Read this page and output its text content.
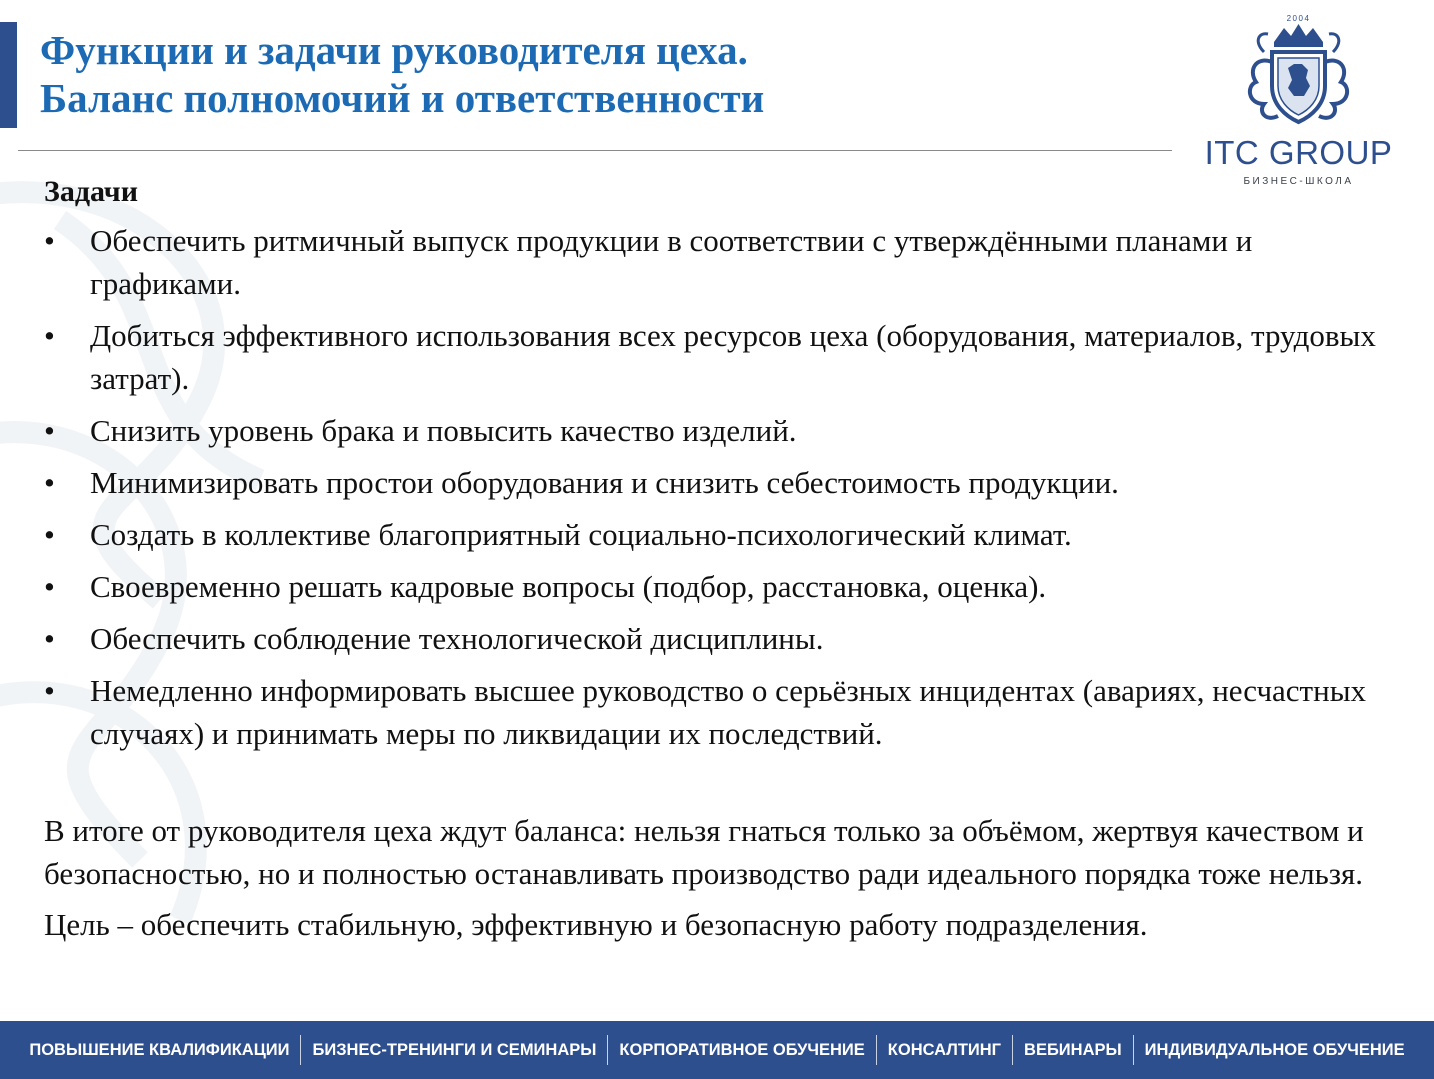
Функции и задачи руководителя цеха.
Баланс полномочий и ответственности
2004
ITC GROUP
БИЗНЕС-ШКОЛА
Задачи
• Обеспечить ритмичный выпуск продукции в соответствии с утверждёнными планами и графиками.
• Добиться эффективного использования всех ресурсов цеха (оборудования, материалов, трудовых затрат).
• Снизить уровень брака и повысить качество изделий.
• Минимизировать простои оборудования и снизить себестоимость продукции.
• Создать в коллективе благоприятный социально-психологический климат.
• Своевременно решать кадровые вопросы (подбор, расстановка, оценка).
• Обеспечить соблюдение технологической дисциплины.
• Немедленно информировать высшее руководство о серьёзных инцидентах (авариях, несчастных случаях) и принимать меры по ликвидации их последствий.

В итоге от руководителя цеха ждут баланса: нельзя гнаться только за объёмом, жертвуя качеством и безопасностью, но и полностью останавливать производство ради идеального порядка тоже нельзя.

Цель – обеспечить стабильную, эффективную и безопасную работу подразделения.

ПОВЫШЕНИЕ КВАЛИФИКАЦИИ	БИЗНЕС-ТРЕНИНГИ И СЕМИНАРЫ	КОРПОРАТИВНОЕ ОБУЧЕНИЕ	КОНСАЛТИНГ	ВЕБИНАРЫ	ИНДИВИДУАЛЬНОЕ ОБУЧЕНИЕ
